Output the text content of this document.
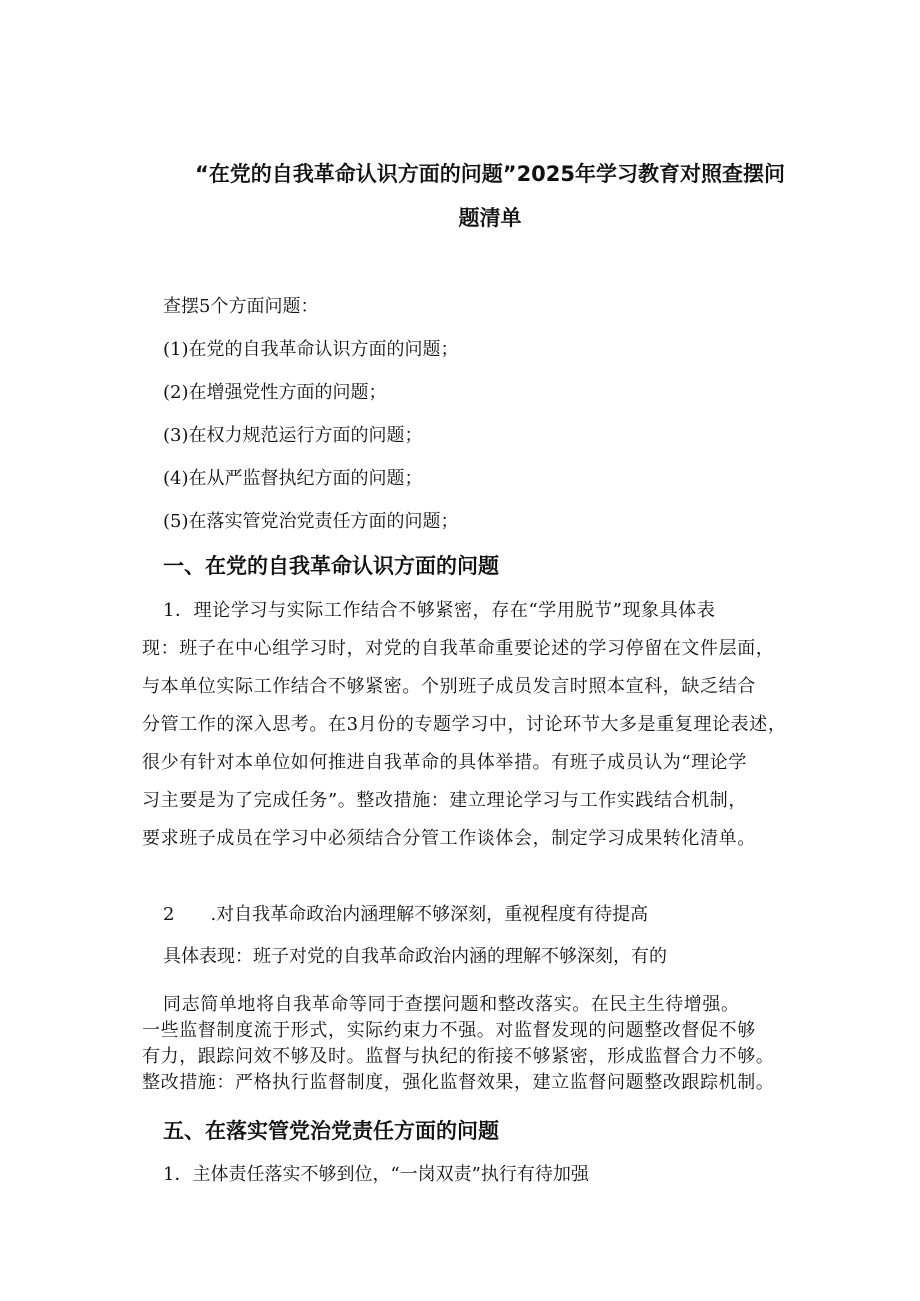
“在党的自我革命认识方面的问题”2025年学习教育对照查摆问
题清单
查摆5个方面问题：
(1)在党的自我革命认识方面的问题；
(2)在增强党性方面的问题；
(3)在权力规范运行方面的问题；
(4)在从严监督执纪方面的问题；
(5)在落实管党治党责任方面的问题；
一、在党的自我革命认识方面的问题
1．理论学习与实际工作结合不够紧密，存在“学用脱节”现象具体表
现：班子在中心组学习时，对党的自我革命重要论述的学习停留在文件层面，
与本单位实际工作结合不够紧密。个别班子成员发言时照本宣科，缺乏结合
分管工作的深入思考。在3月份的专题学习中，讨论环节大多是重复理论表述，
很少有针对本单位如何推进自我革命的具体举措。有班子成员认为“理论学
习主要是为了完成任务”。整改措施：建立理论学习与工作实践结合机制，
要求班子成员在学习中必须结合分管工作谈体会，制定学习成果转化清单。
2　　.对自我革命政治内涵理解不够深刻，重视程度有待提高
具体表现：班子对党的自我革命政治内涵的理解不够深刻，有的
同志简单地将自我革命等同于查摆问题和整改落实。在民主生待增强。
一些监督制度流于形式，实际约束力不强。对监督发现的问题整改督促不够
有力，跟踪问效不够及时。监督与执纪的衔接不够紧密，形成监督合力不够。
整改措施：严格执行监督制度，强化监督效果，建立监督问题整改跟踪机制。
五、在落实管党治党责任方面的问题
1．主体责任落实不够到位，“一岗双责”执行有待加强
